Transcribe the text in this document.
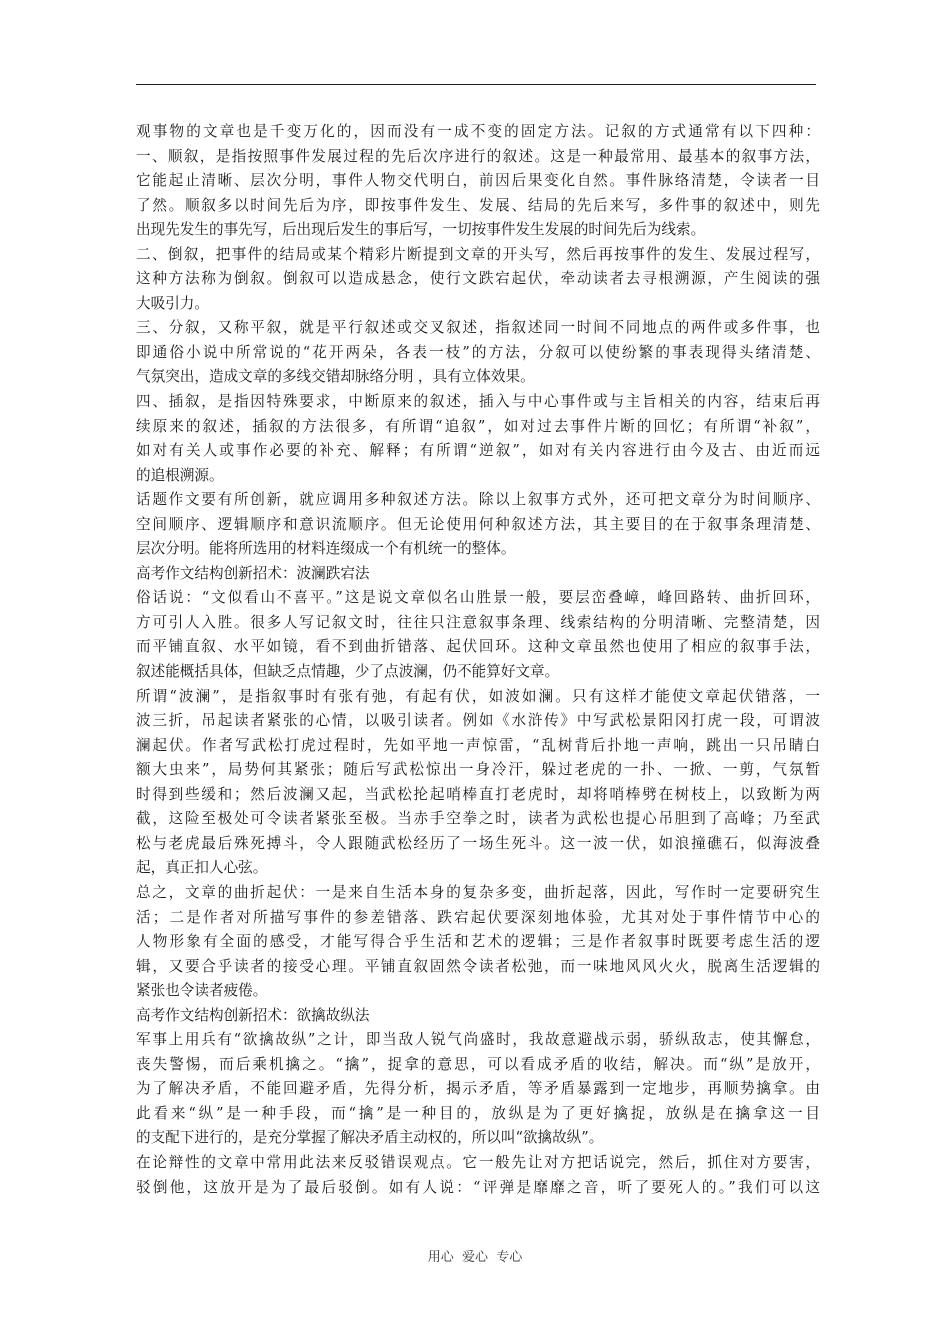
观事物的文章也是千变万化的，因而没有一成不变的固定方法。记叙的方式通常有以下四种：
一、顺叙，是指按照事件发展过程的先后次序进行的叙述。这是一种最常用、最基本的叙事方法，
它能起止清晰、层次分明，事件人物交代明白，前因后果变化自然。事件脉络清楚，令读者一目
了然。顺叙多以时间先后为序，即按事件发生、发展、结局的先后来写，多件事的叙述中，则先
出现先发生的事先写，后出现后发生的事后写，一切按事件发生发展的时间先后为线索。
二、倒叙，把事件的结局或某个精彩片断提到文章的开头写，然后再按事件的发生、发展过程写，
这种方法称为倒叙。倒叙可以造成悬念，使行文跌宕起伏，牵动读者去寻根溯源，产生阅读的强
大吸引力。
三、分叙，又称平叙，就是平行叙述或交叉叙述，指叙述同一时间不同地点的两件或多件事，也
即通俗小说中所常说的“花开两朵，各表一枝”的方法，分叙可以使纷繁的事表现得头绪清楚、
气氛突出，造成文章的多线交错却脉络分明 ，具有立体效果。
四、插叙，是指因特殊要求，中断原来的叙述，插入与中心事件或与主旨相关的内容，结束后再
续原来的叙述，插叙的方法很多，有所谓“追叙”，如对过去事件片断的回忆；有所谓“补叙”，
如对有关人或事作必要的补充、解释；有所谓“逆叙”，如对有关内容进行由今及古、由近而远
的追根溯源。
话题作文要有所创新，就应调用多种叙述方法。除以上叙事方式外，还可把文章分为时间顺序、
空间顺序、逻辑顺序和意识流顺序。但无论使用何种叙述方法，其主要目的在于叙事条理清楚、
层次分明。能将所选用的材料连缀成一个有机统一的整体。
高考作文结构创新招术：波澜跌宕法
俗话说：“文似看山不喜平。”这是说文章似名山胜景一般，要层峦叠嶂，峰回路转、曲折回环，
方可引人入胜。很多人写记叙文时，往往只注意叙事条理、线索结构的分明清晰、完整清楚，因
而平铺直叙、水平如镜，看不到曲折错落、起伏回环。这种文章虽然也使用了相应的叙事手法，
叙述能概括具体，但缺乏点情趣，少了点波澜，仍不能算好文章。
所谓“波澜”，是指叙事时有张有弛，有起有伏，如波如澜。只有这样才能使文章起伏错落，一
波三折，吊起读者紧张的心情，以吸引读者。例如《水浒传》中写武松景阳冈打虎一段，可谓波
澜起伏。作者写武松打虎过程时，先如平地一声惊雷，“乱树背后扑地一声响，跳出一只吊睛白
额大虫来”，局势何其紧张；随后写武松惊出一身冷汗，躲过老虎的一扑、一掀、一剪，气氛暂
时得到些缓和；然后波澜又起，当武松抡起哨棒直打老虎时，却将哨棒劈在树枝上，以致断为两
截，这险至极处可令读者紧张至极。当赤手空拳之时，读者为武松也提心吊胆到了高峰；乃至武
松与老虎最后殊死搏斗，令人跟随武松经历了一场生死斗。这一波一伏，如浪撞礁石，似海波叠
起，真正扣人心弦。
总之，文章的曲折起伏：一是来自生活本身的复杂多变，曲折起落，因此，写作时一定要研究生
活；二是作者对所描写事件的参差错落、跌宕起伏要深刻地体验，尤其对处于事件情节中心的
人物形象有全面的感受，才能写得合乎生活和艺术的逻辑；三是作者叙事时既要考虑生活的逻
辑，又要合乎读者的接受心理。平铺直叙固然令读者松弛，而一味地风风火火，脱离生活逻辑的
紧张也令读者疲倦。
高考作文结构创新招术：欲擒故纵法
军事上用兵有“欲擒故纵”之计，即当敌人锐气尚盛时，我故意避战示弱，骄纵敌志，使其懈怠，
丧失警惕，而后乘机擒之。“擒”，捉拿的意思，可以看成矛盾的收结，解决。而“纵”是放开，
为了解决矛盾，不能回避矛盾，先得分析，揭示矛盾，等矛盾暴露到一定地步，再顺势擒拿。由
此看来“纵”是一种手段，而“擒”是一种目的，放纵是为了更好擒捉，放纵是在擒拿这一目
的支配下进行的，是充分掌握了解决矛盾主动权的，所以叫“欲擒故纵”。
在论辩性的文章中常用此法来反驳错误观点。它一般先让对方把话说完，然后，抓住对方要害，
驳倒他，这放开是为了最后驳倒。如有人说：“评弹是靡靡之音，听了要死人的。”我们可以这
用心  爱心  专心
